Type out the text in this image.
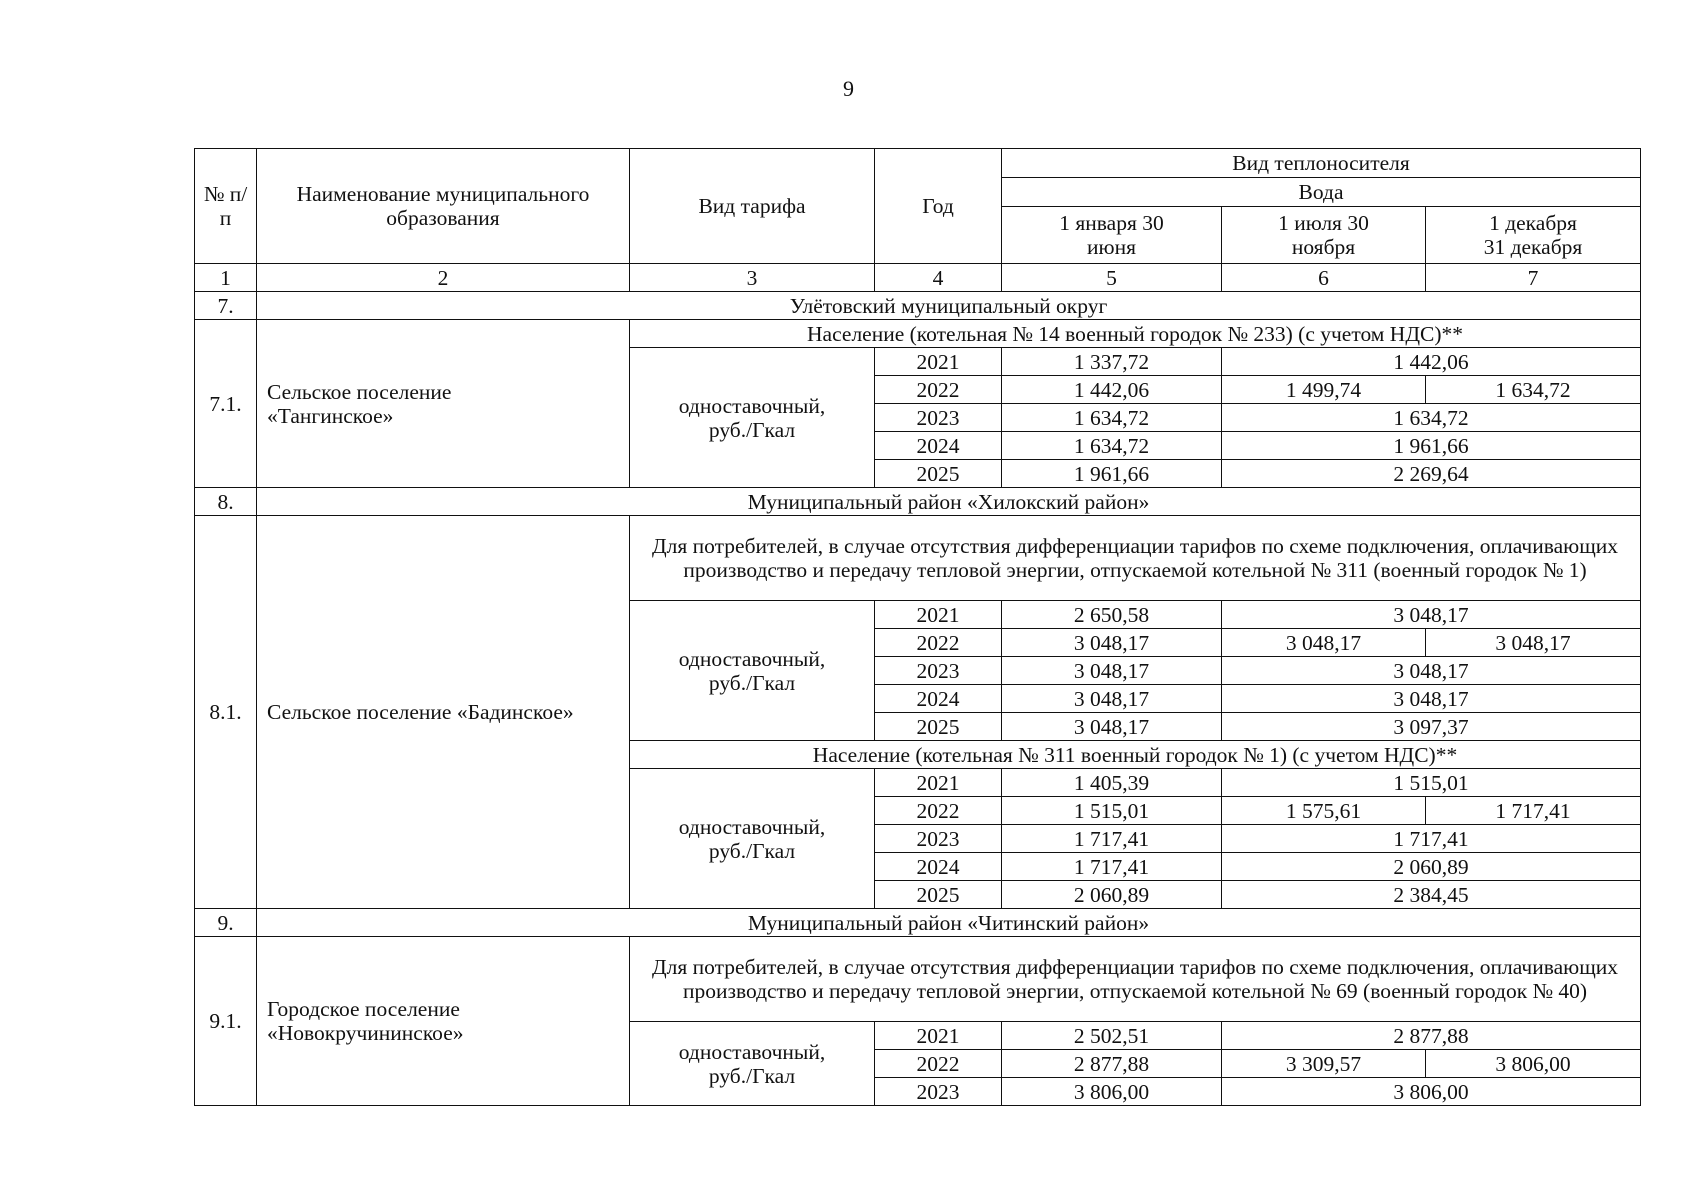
9
№ п/п	Наименование муниципального образования	Вид тарифа	Год	Вид теплоносителя		
				Вода		
				1 января 30 июня	1 июля 30 ноября	1 декабря 31 декабря
1	2	3	4	5	6	7
7.	Улётовский муниципальный округ					
7.1.	Сельское поселение «Тангинское»	Население (котельная № 14 военный городок № 233) (с учетом НДС)**				
		одноставочный, руб./Гкал	2021	1 337,72	1 442,06	
			2022	1 442,06	1 499,74	1 634,72
			2023	1 634,72	1 634,72	
			2024	1 634,72	1 961,66	
			2025	1 961,66	2 269,64	
8.	Муниципальный район «Хилокский район»					
8.1.	Сельское поселение «Бадинское»	Для потребителей, в случае отсутствия дифференциации тарифов по схеме подключения, оплачивающих производство и передачу тепловой энергии, отпускаемой котельной № 311 (военный городок № 1)				
		одноставочный, руб./Гкал	2021	2 650,58	3 048,17	
			2022	3 048,17	3 048,17	3 048,17
			2023	3 048,17	3 048,17	
			2024	3 048,17	3 048,17	
			2025	3 048,17	3 097,37	
		Население (котельная № 311 военный городок № 1) (с учетом НДС)**				
		одноставочный, руб./Гкал	2021	1 405,39	1 515,01	
			2022	1 515,01	1 575,61	1 717,41
			2023	1 717,41	1 717,41	
			2024	1 717,41	2 060,89	
			2025	2 060,89	2 384,45	
9.	Муниципальный район «Читинский район»					
9.1.	Городское поселение «Новокручининское»	Для потребителей, в случае отсутствия дифференциации тарифов по схеме подключения, оплачивающих производство и передачу тепловой энергии, отпускаемой котельной № 69 (военный городок № 40)				
		одноставочный, руб./Гкал	2021	2 502,51	2 877,88	
			2022	2 877,88	3 309,57	3 806,00
			2023	3 806,00	3 806,00	
